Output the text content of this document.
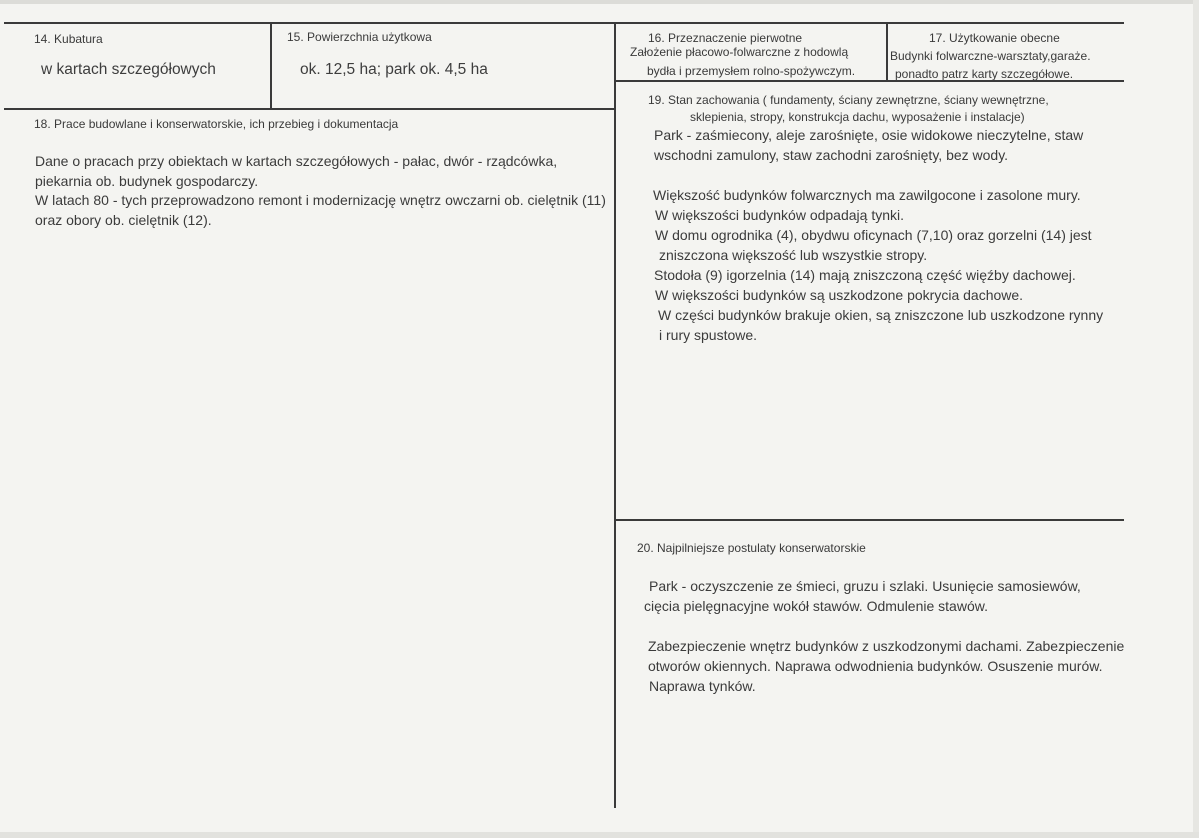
14. Kubatura
w kartach szczegółowych
15. Powierzchnia użytkowa
ok. 12,5 ha; park ok. 4,5 ha
16. Przeznaczenie pierwotne
Założenie płacowo-folwarczne z hodowlą
bydła i przemysłem rolno-spożywczym.
17. Użytkowanie obecne
Budynki folwarczne-warsztaty,garaże.
ponadto patrz karty szczegółowe.
18. Prace budowlane i konserwatorskie, ich przebieg i dokumentacja
Dane o pracach przy obiektach w kartach szczegółowych - pałac, dwór - rządcówka,
piekarnia ob. budynek gospodarczy.
W latach 80 - tych przeprowadzono remont i modernizację wnętrz owczarni ob. cielętnik (11)
oraz obory ob. cielętnik (12).
19. Stan zachowania ( fundamenty, ściany zewnętrzne, ściany wewnętrzne,
sklepienia, stropy, konstrukcja dachu, wyposażenie i instalacje)
Park - zaśmiecony, aleje zarośnięte, osie widokowe nieczytelne, staw
wschodni zamulony, staw zachodni zarośnięty, bez wody.
Większość budynków folwarcznych ma zawilgocone i zasolone mury.
W większości budynków odpadają tynki.
W domu ogrodnika (4), obydwu oficynach (7,10) oraz gorzelni (14) jest
zniszczona większość lub wszystkie stropy.
Stodoła (9) igorzelnia (14) mają zniszczoną część więźby dachowej.
W większości budynków są uszkodzone pokrycia dachowe.
W części budynków brakuje okien, są zniszczone lub uszkodzone rynny
i rury spustowe.
20. Najpilniejsze postulaty konserwatorskie
Park - oczyszczenie ze śmieci, gruzu i szlaki. Usunięcie samosiewów,
cięcia pielęgnacyjne wokół stawów. Odmulenie stawów.
Zabezpieczenie wnętrz budynków z uszkodzonymi dachami. Zabezpieczenie
otworów okiennych. Naprawa odwodnienia budynków. Osuszenie murów.
Naprawa tynków.
